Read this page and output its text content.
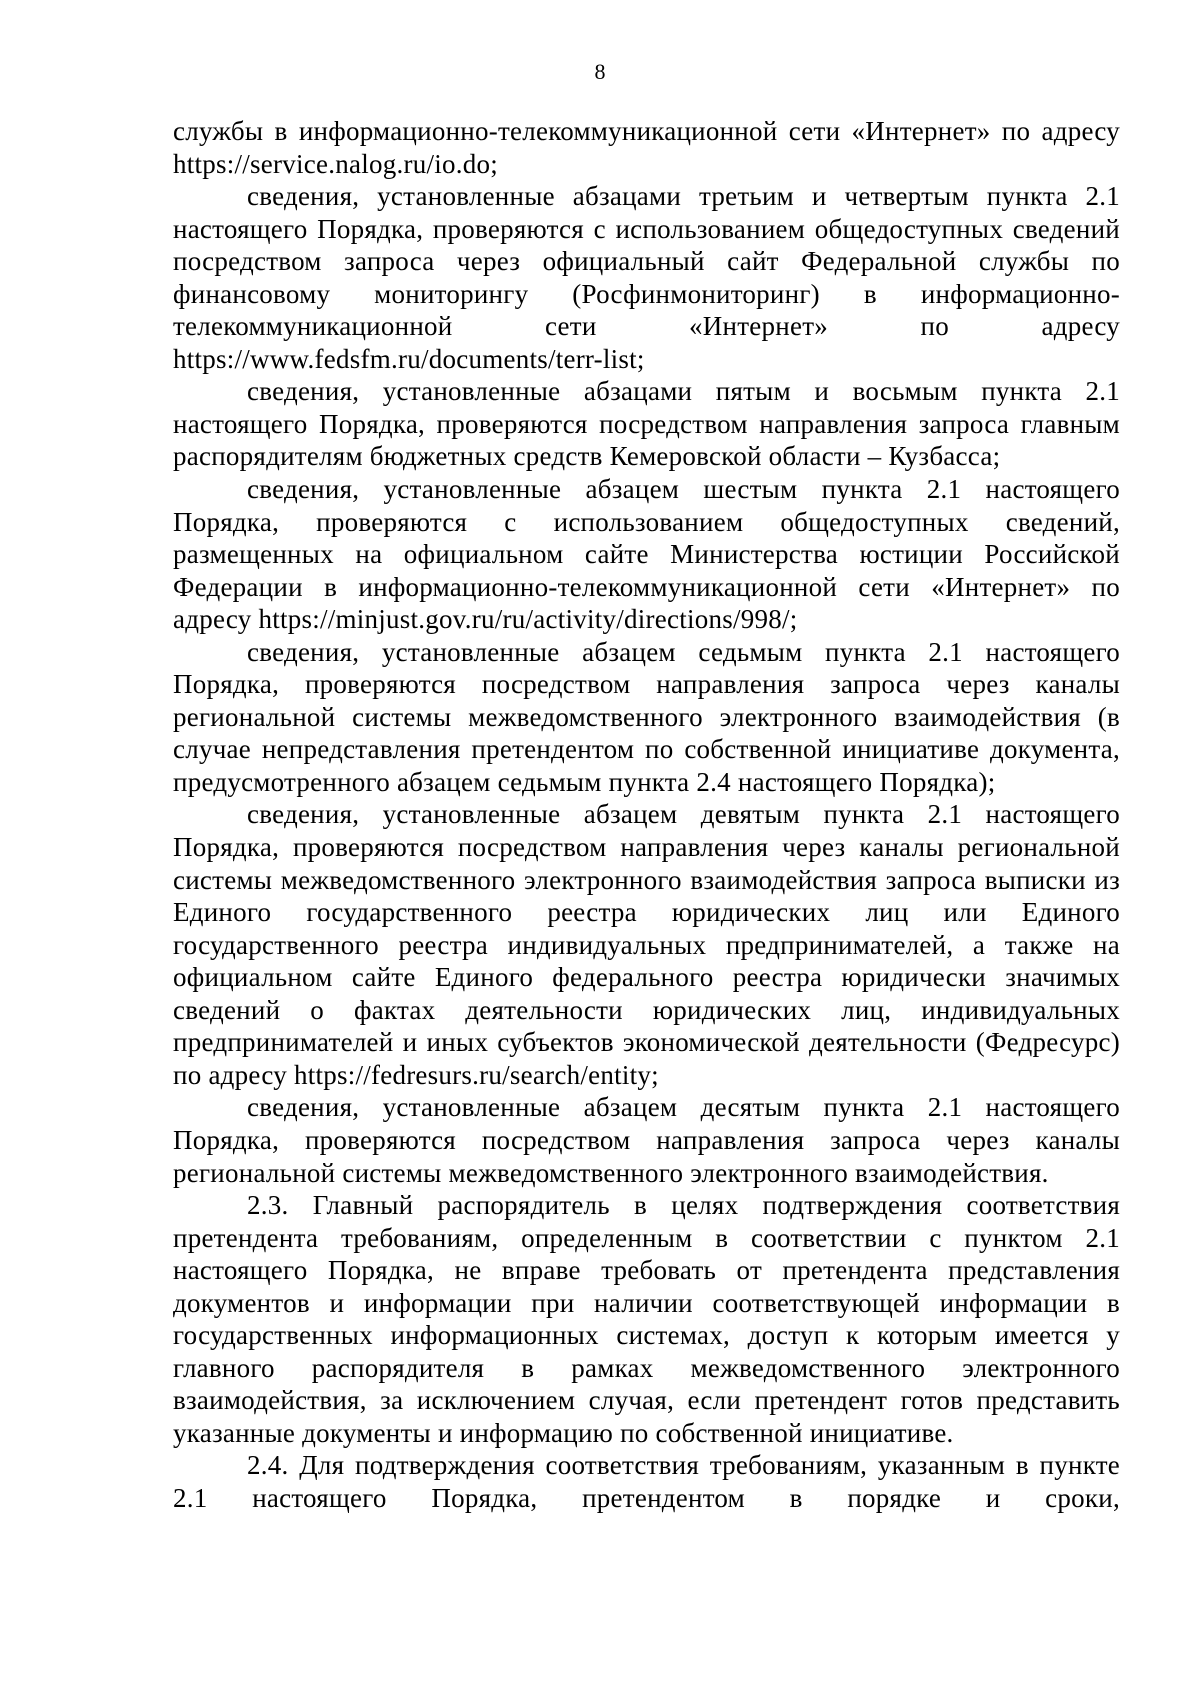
8

службы в информационно-телекоммуникационной сети «Интернет» по адресу https://service.nalog.ru/io.do;

сведения, установленные абзацами третьим и четвертым пункта 2.1 настоящего Порядка, проверяются с использованием общедоступных сведений посредством запроса через официальный сайт Федеральной службы по финансовому мониторингу (Росфинмониторинг) в информационно-телекоммуникационной сети «Интернет» по адресу https://www.fedsfm.ru/documents/terr-list;

сведения, установленные абзацами пятым и восьмым пункта 2.1 настоящего Порядка, проверяются посредством направления запроса главным распорядителям бюджетных средств Кемеровской области – Кузбасса;

сведения, установленные абзацем шестым пункта 2.1 настоящего Порядка, проверяются с использованием общедоступных сведений, размещенных на официальном сайте Министерства юстиции Российской Федерации в информационно-телекоммуникационной сети «Интернет» по адресу https://minjust.gov.ru/ru/activity/directions/998/;

сведения, установленные абзацем седьмым пункта 2.1 настоящего Порядка, проверяются посредством направления запроса через каналы региональной системы межведомственного электронного взаимодействия (в случае непредставления претендентом по собственной инициативе документа, предусмотренного абзацем седьмым пункта 2.4 настоящего Порядка);

сведения, установленные абзацем девятым пункта 2.1 настоящего Порядка, проверяются посредством направления через каналы региональной системы межведомственного электронного взаимодействия запроса выписки из Единого государственного реестра юридических лиц или Единого государственного реестра индивидуальных предпринимателей, а также на официальном сайте Единого федерального реестра юридически значимых сведений о фактах деятельности юридических лиц, индивидуальных предпринимателей и иных субъектов экономической деятельности (Федресурс) по адресу https://fedresurs.ru/search/entity;

сведения, установленные абзацем десятым пункта 2.1 настоящего Порядка, проверяются посредством направления запроса через каналы региональной системы межведомственного электронного взаимодействия.

2.3. Главный распорядитель в целях подтверждения соответствия претендента требованиям, определенным в соответствии с пунктом 2.1 настоящего Порядка, не вправе требовать от претендента представления документов и информации при наличии соответствующей информации в государственных информационных системах, доступ к которым имеется у главного распорядителя в рамках межведомственного электронного взаимодействия, за исключением случая, если претендент готов представить указанные документы и информацию по собственной инициативе.

2.4. Для подтверждения соответствия требованиям, указанным в пункте 2.1 настоящего Порядка, претендентом в порядке и сроки,
